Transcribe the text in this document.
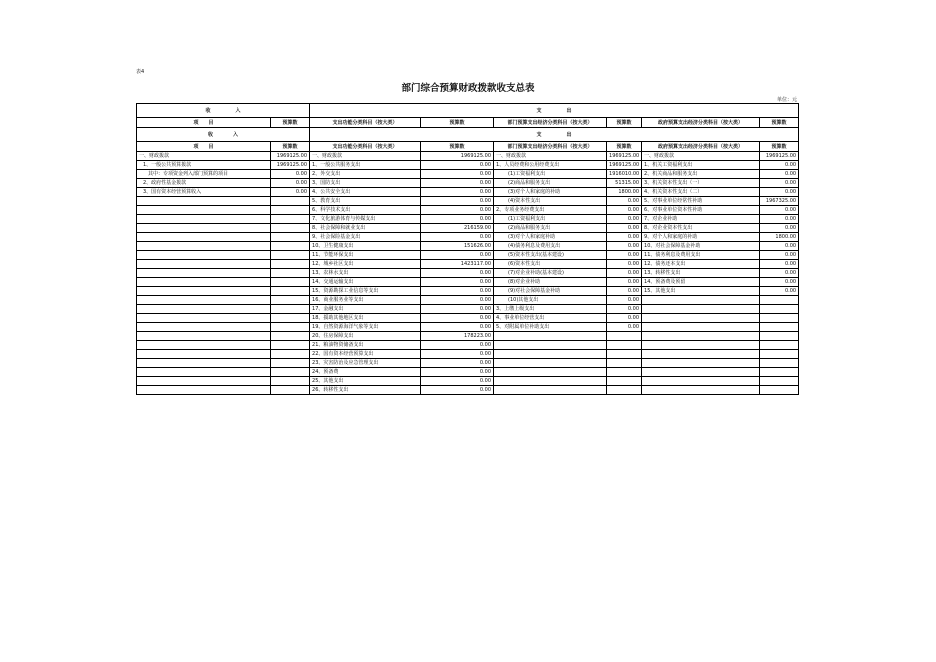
表4
部门综合预算财政拨款收支总表
单位：元
收　　　　　入		支　　　　　出					
项　　目	预算数	支出功能分类科目（按大类）	预算数	部门预算支出经济分类科目（按大类）	预算数	政府预算支出经济分类科目（按大类）	预算数
收　　　　入		支　　　　　出					
项　　目	预算数	支出功能分类科目（按大类）	预算数	部门预算支出经济分类科目（按大类）	预算数	政府预算支出经济分类科目（按大类）	预算数
一、财政拨款	1969125.00	一、财政拨款	1969125.00	一、财政拨款	1969125.00	一、财政拨款	1969125.00
1、一般公共预算拨款	1969125.00	1、一般公共服务支出	0.00	1、人员经费和公用经费支出	1969125.00	1、机关工资福利支出	0.00
　其中：专项资金列入部门预算的项目	0.00	2、外交支出	0.00	(1)工资福利支出	1916010.00	2、机关商品和服务支出	0.00
2、政府性基金拨款	0.00	3、国防支出	0.00	(2)商品和服务支出	51315.00	3、机关资本性支出（一）	0.00
3、国有资本经营预算收入	0.00	4、公共安全支出	0.00	(3)对个人和家庭的补助	1800.00	4、机关资本性支出（二）	0.00
		5、教育支出	0.00	(4)资本性支出	0.00	5、对事业单位经常性补助	1967325.00
		6、科学技术支出	0.00	2、专项业务经费支出	0.00	6、对事业单位资本性补助	0.00
		7、文化旅游体育与传媒支出	0.00	(1)工资福利支出	0.00	7、对企业补助	0.00
		8、社会保障和就业支出	216159.00	(2)商品和服务支出	0.00	8、对企业资本性支出	0.00
		9、社会保险基金支出	0.00	(3)对个人和家庭补助	0.00	9、对个人和家庭的补助	1800.00
		10、卫生健康支出	151626.00	(4)债务利息及费用支出	0.00	10、对社会保障基金补助	0.00
		11、节能环保支出	0.00	(5)资本性支出(基本建设)	0.00	11、债务利息及费用支出	0.00
		12、城乡社区支出	1423117.00	(6)资本性支出	0.00	12、债务还本支出	0.00
		13、农林水支出	0.00	(7)对企业补助(基本建设)	0.00	13、转移性支出	0.00
		14、交通运输支出	0.00	(8)对企业补助	0.00	14、预备费及预留	0.00
		15、资源勘探工业信息等支出	0.00	(9)对社会保障基金补助	0.00	15、其他支出	0.00
		16、商业服务业等支出	0.00	(10)其他支出	0.00		
		17、金融支出	0.00	3、上缴上级支出	0.00		
		18、援助其他地区支出	0.00	4、事业单位经营支出	0.00		
		19、自然资源海洋气象等支出	0.00	5、对附属单位补助支出	0.00		
		20、住房保障支出	178223.00				
		21、粮油物资储备支出	0.00				
		22、国有资本经营预算支出	0.00				
		23、灾害防治及应急管理支出	0.00				
		24、预备费	0.00				
		25、其他支出	0.00				
		26、转移性支出	0.00				
